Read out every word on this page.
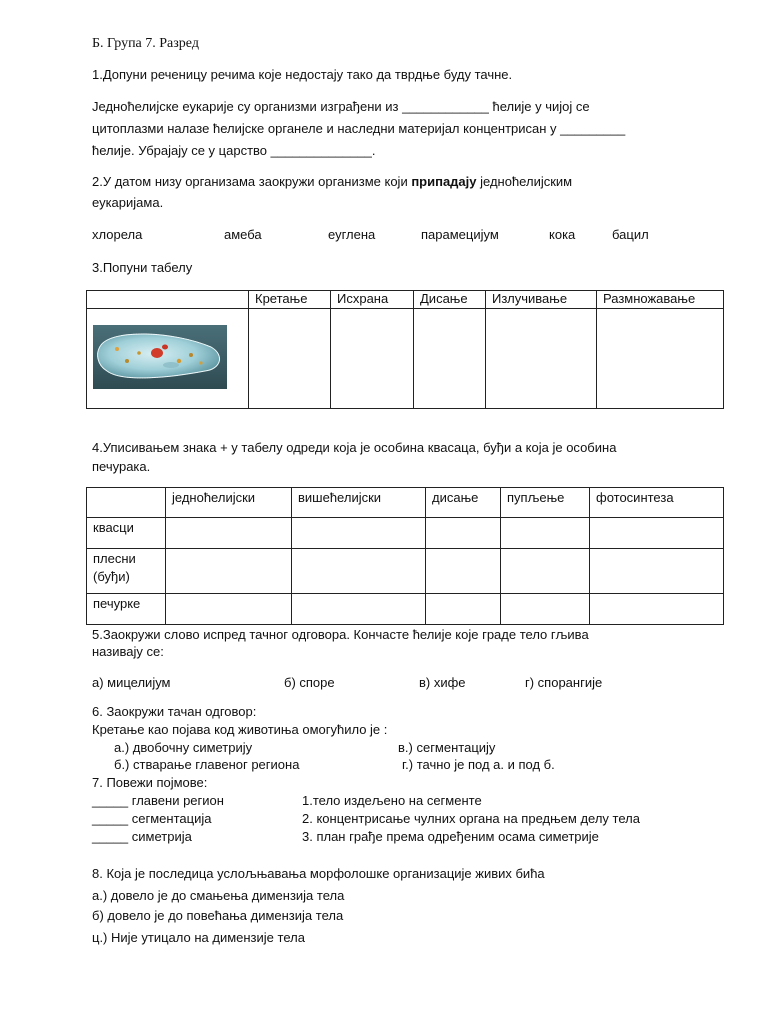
Б. Група 7. Разред
1.Допуни реченицу речима које недостају тако да тврдње буду тачне.
Једноћелијске еукарије су организми изграђени из ____________ ћелије у чијој се
цитоплазми налазе ћелијске органеле и наследни материјал концентрисан у _________
ћелије. Убрајају се у царство ______________.
2.У датом низу организама заокружи организме који припадају једноћелијским
еукаријама.
хлорела	амеба	еуглена	парамецијум	кока	бацил
3.Попуни табелу
	Кретање	Исхрана	Дисање	Излучивање	Размножавање

4.Уписивањем знака + у табелу одреди која је особина квасаца, буђи а која је особина
печурака.
	једноћелијски	вишећелијски	дисање	пупљење	фотосинтеза
квасци					
плесни (буђи)					
печурке					
5.Заокружи слово испред тачног одговора. Кончасте ћелије које граде тело гљива
називају се:
а) мицелијум	б) споре	в) хифе	г) спорангије
6. Заокружи тачан одговор:
Кретање као појава код животиња омогућило је :
а.) двобочну симетрију	в.) сегментацију
б.) стварање главеног региона	г.) тачно је под а. и под б.
7. Повежи појмове:
_____ главени регион	1.тело издељено на сегменте
_____ сегментација	2. концентрисање чулних органа на предњем делу тела
_____ симетрија	3. план грађе према одређеним осама симетрије
8. Која је последица услољњавања морфолошке организације живих бића
а.) довело је до смањења димензија тела
б) довело је до повећања димензија тела
ц.) Није утицало на димензије тела
